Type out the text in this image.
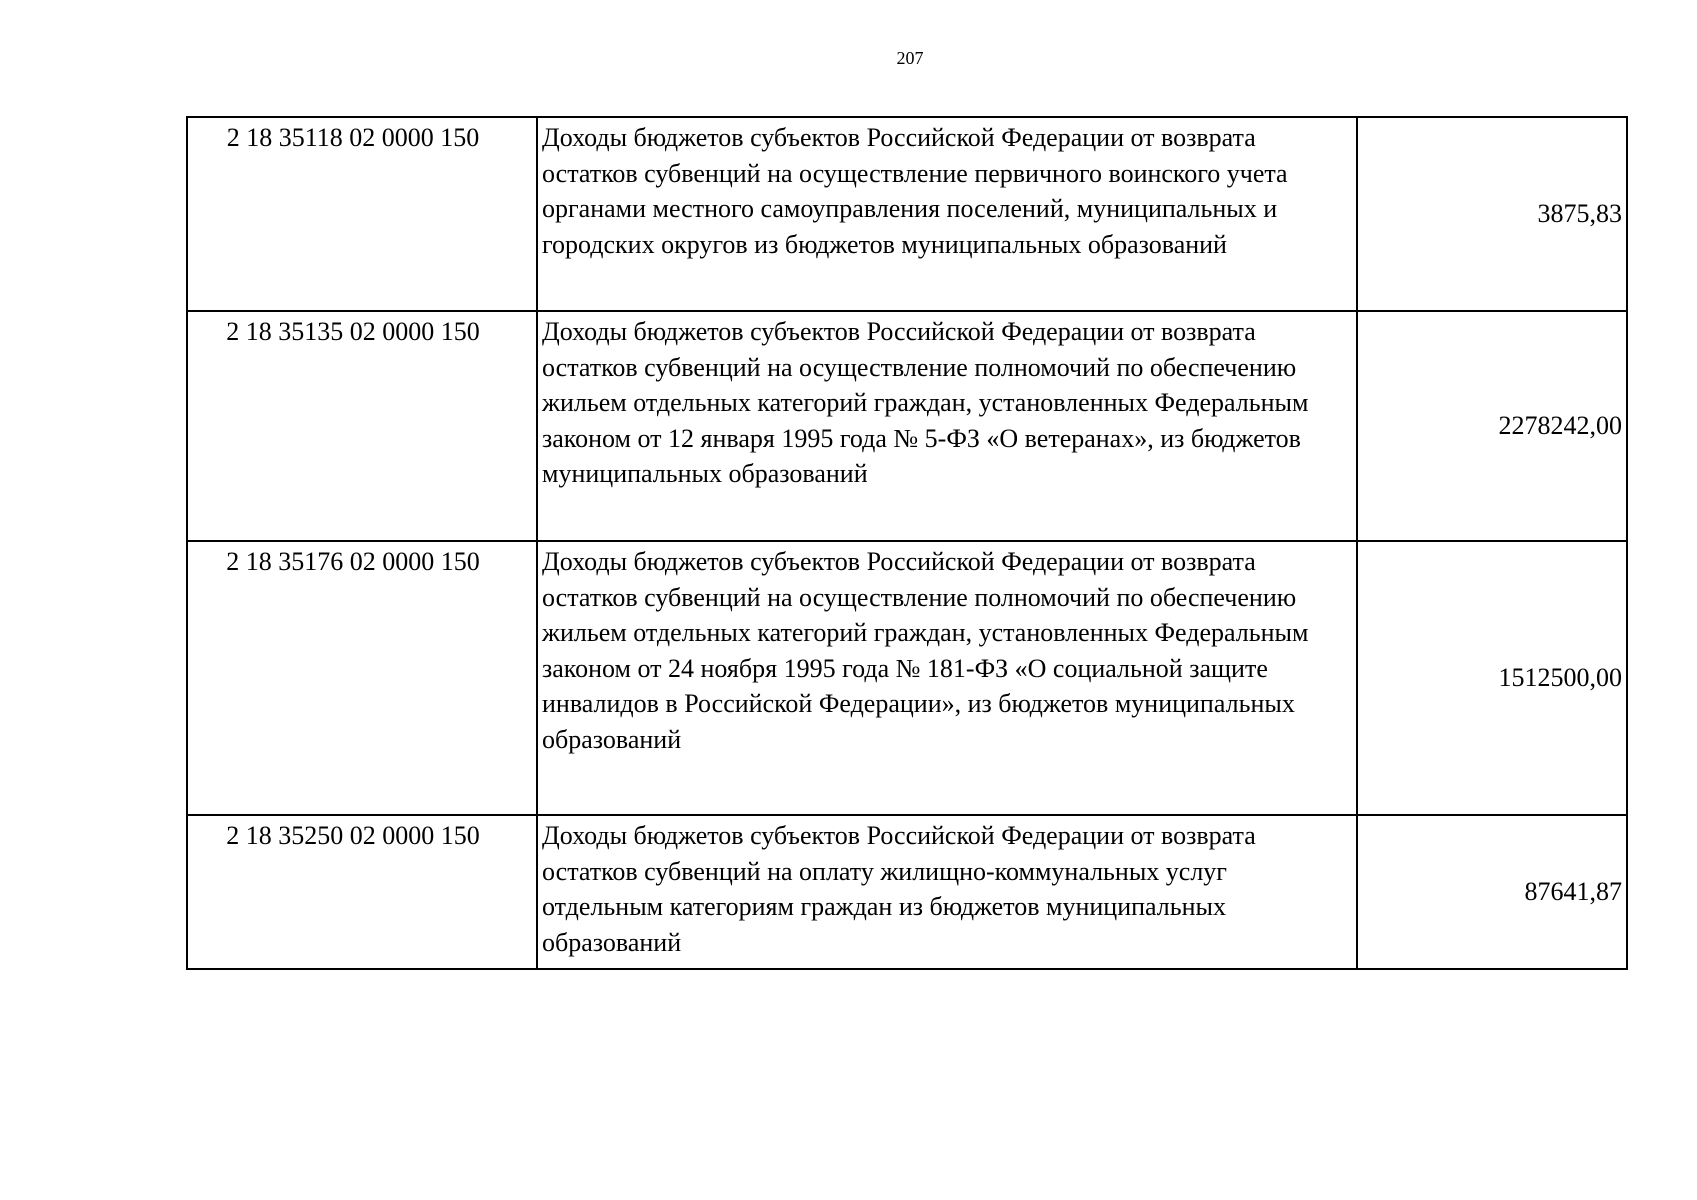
207
2 18 35118 02 0000 150	Доходы бюджетов субъектов Российской Федерации от возврата остатков субвенций на осуществление первичного воинского учета органами местного самоуправления поселений, муниципальных и городских округов из бюджетов муниципальных образований	3875,83
2 18 35135 02 0000 150	Доходы бюджетов субъектов Российской Федерации от возврата остатков субвенций на осуществление полномочий по обеспечению жильем отдельных категорий граждан, установленных Федеральным законом от 12 января 1995 года № 5-ФЗ «О ветеранах», из бюджетов муниципальных образований	2278242,00
2 18 35176 02 0000 150	Доходы бюджетов субъектов Российской Федерации от возврата остатков субвенций на осуществление полномочий по обеспечению жильем отдельных категорий граждан, установленных Федеральным законом от 24 ноября 1995 года № 181-ФЗ «О социальной защите инвалидов в Российской Федерации», из бюджетов муниципальных образований	1512500,00
2 18 35250 02 0000 150	Доходы бюджетов субъектов Российской Федерации от возврата остатков субвенций на оплату жилищно-коммунальных услуг отдельным категориям граждан из бюджетов муниципальных образований	87641,87
